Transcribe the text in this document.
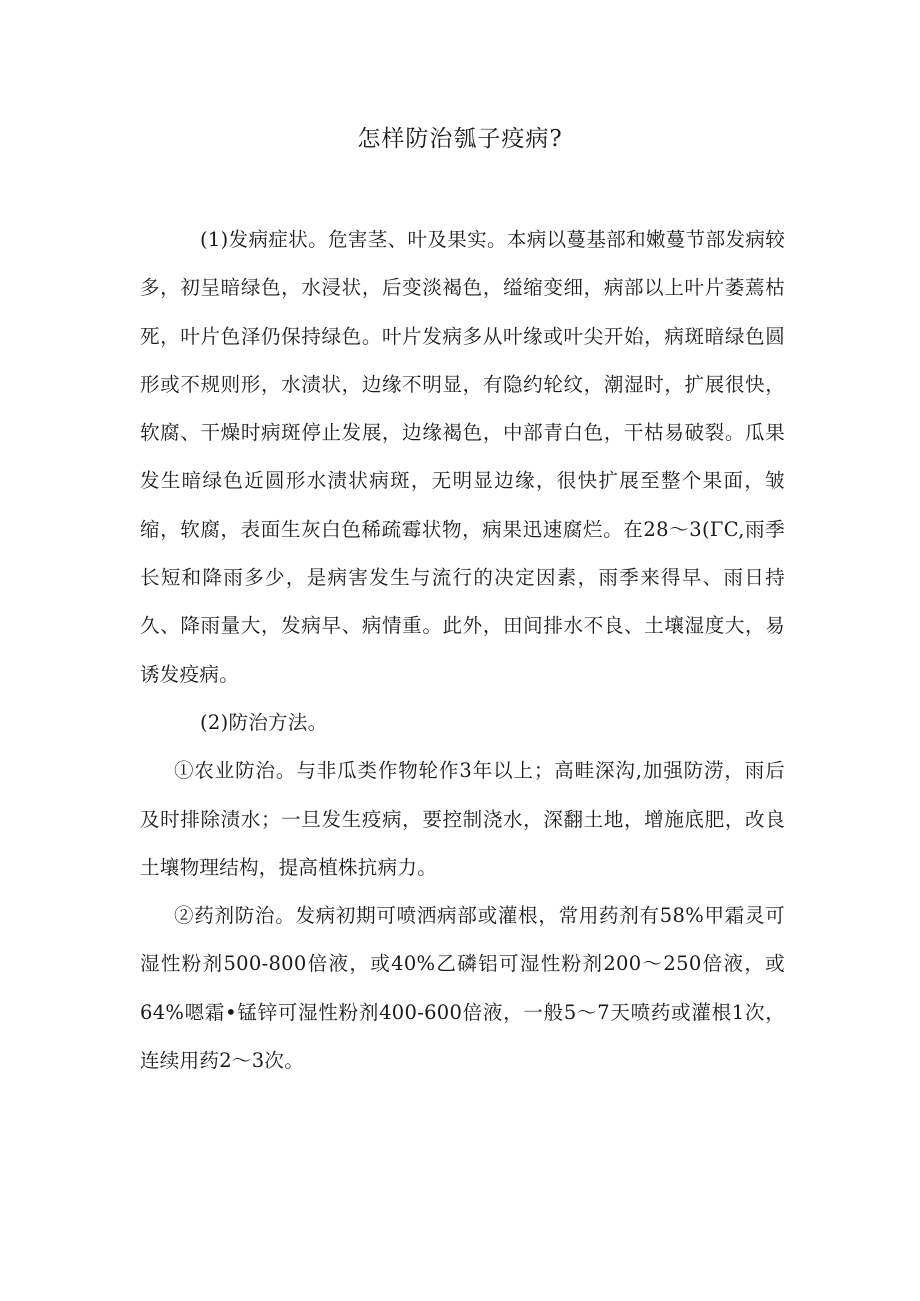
怎样防治瓠子疫病?

(1)发病症状。危害茎、叶及果实。本病以蔓基部和嫩蔓节部发病较多，初呈暗绿色，水浸状，后变淡褐色，缢缩变细，病部以上叶片萎蔫枯死，叶片色泽仍保持绿色。叶片发病多从叶缘或叶尖开始，病斑暗绿色圆形或不规则形，水渍状，边缘不明显，有隐约轮纹，潮湿时，扩展很快，软腐、干燥时病斑停止发展，边缘褐色，中部青白色，干枯易破裂。瓜果发生暗绿色近圆形水渍状病斑，无明显边缘，很快扩展至整个果面，皱缩，软腐，表面生灰白色稀疏霉状物，病果迅速腐烂。在28～3(ΓC,雨季长短和降雨多少，是病害发生与流行的决定因素，雨季来得早、雨日持久、降雨量大，发病早、病情重。此外，田间排水不良、土壤湿度大，易诱发疫病。

(2)防治方法。

①农业防治。与非瓜类作物轮作3年以上；高畦深沟,加强防涝，雨后及时排除渍水；一旦发生疫病，要控制浇水，深翻土地，增施底肥，改良土壤物理结构，提高植株抗病力。

②药剂防治。发病初期可喷洒病部或灌根，常用药剂有58%甲霜灵可湿性粉剂500-800倍液，或40%乙磷铝可湿性粉剂200～250倍液，或64%嗯霜•锰锌可湿性粉剂400-600倍液，一般5～7天喷药或灌根1次，连续用药2～3次。
